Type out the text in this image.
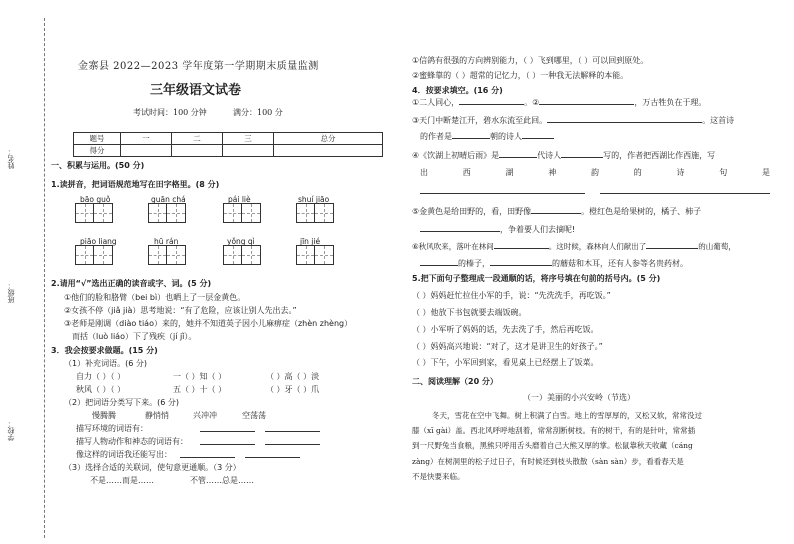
姓名：
班级：
学校：
金寨县 2022—2023 学年度第一学期期末质量监测
三年级语文试卷
考试时间：100 分钟	满分：100 分
题号	一	二	三	总分
得分				
一、积累与运用。(50 分)
1.读拼音，把词语规范地写在田字格里。(8 分)
bāo guǒ	guān chá	pái liè	shuí jiāo
piāo liang	hū rán	yǒng qì	jīn jié
2.请用“√”选出正确的读音或字、词。(5 分)
①他们的脸和胳臂（bei bì）也晒上了一层金黄色。
②女孩不停（jiǎ jià）思考地说：“有了危险，应该让别人先出去。”
③老师是刚调（diào tiáo）来的，她并不知道英子因小儿麻痹症（zhèn zhèng）
而括（luò liáo）下了残疾（jí jǐ）。
3．我会按要求做题。(15 分)
（1）补充词语。(6 分)
自力（ ）（ ）	一（ ）知（ ）	（ ）高（ ）淡
秋风（ ）（ ）	五（ ）十（ ）	（ ）牙（ ）爪
（2）把词语分类写下来。(6 分)
慢腾腾	静悄悄	兴冲冲	空荡荡
描写环境的词语有：
描写人物动作和神态的词语有：
像这样的词语我还能写出：
（3）选择合适的关联词，使句意更通顺。（3 分）
不是……而是……	不管……总是……
①信鸽有很强的方向辨别能力，（ ）飞到哪里，（ ）可以回到原处。
②蜜蜂靠的（ ）超常的记忆力，（ ）一种我无法解释的本能。
4．按要求填空。(16 分)
①二人同心，	。②	，万古牲负在于理。
③天门中断楚江开，碧水东流至此回。	。这首诗
的作者是	朝的诗人
④《饮湖上初晴后雨》是	代诗人	写的，作者把西湖比作西施，写
出	西	湖	神	韵	的	诗	句	是
⑤金黄色是给田野的，看，田野像	。橙红色是给果树的，橘子、柿子
，争着要人们去摘呢!
⑥秋风吹来，落叶在林间	。这时候，森林向人们献出了	的山葡萄，
的榛子，	的蘑菇和木耳，还有人参等名贵药材。
5.把下面句子整理成一段通顺的话，将序号填在句前的括号内。(5 分)
（ ）妈妈赶忙拉住小军的手，说：“先洗洗手，再吃饭。”
（ ）他放下书包就要去端饭碗。
（ ）小军听了妈妈的话，先去洗了手，然后再吃饭。
（ ）妈妈高兴地说：“对了，这才是讲卫生的好孩子。”
（ ）下午，小军回到家，看见桌上已经摆上了饭菜。
二、阅读理解（20 分）
（一）美丽的小兴安岭（节选）
冬天，雪花在空中飞舞。树上积满了白雪。地上的雪厚厚的，又松又软，常常没过
膝（xī gài）盖。西北风呼呼地刮着，常常刮断树枝。有的树干，有的是针叶，常常插
到一尺野兔当食粮，黑熊只呼用舌头磨着自己大熊又厚的掌。松鼠靠秋天收藏（cáng
zàng）在树洞里的松子过日子，有时候还到枝头散散（sàn sàn）步，看看春天是
不是快要来临。
